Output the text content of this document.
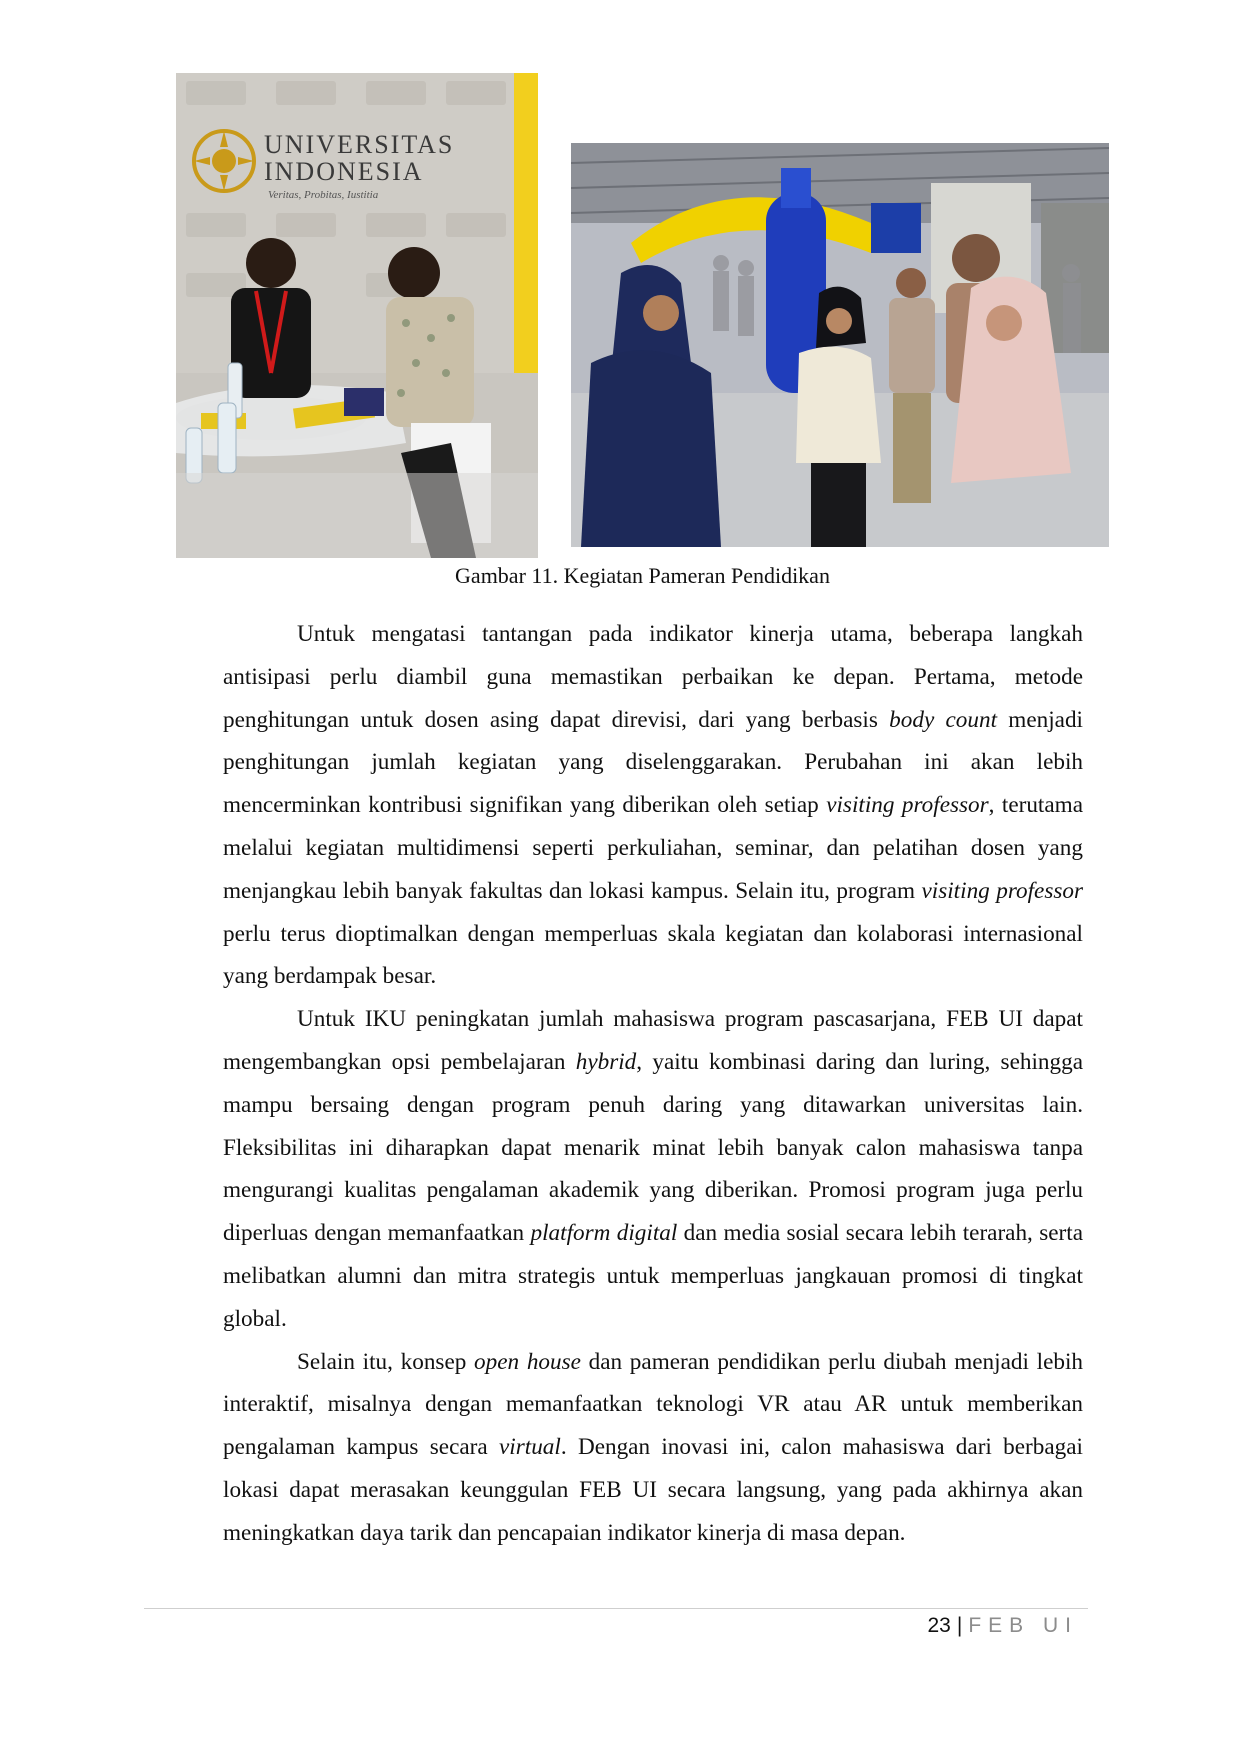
UNIVERSITAS
INDONESIA
Veritas, Probitas, Iustitia
Gambar 11. Kegiatan Pameran Pendidikan

Untuk mengatasi tantangan pada indikator kinerja utama, beberapa langkah antisipasi perlu diambil guna memastikan perbaikan ke depan. Pertama, metode penghitungan untuk dosen asing dapat direvisi, dari yang berbasis body count menjadi penghitungan jumlah kegiatan yang diselenggarakan. Perubahan ini akan lebih mencerminkan kontribusi signifikan yang diberikan oleh setiap visiting professor, terutama melalui kegiatan multidimensi seperti perkuliahan, seminar, dan pelatihan dosen yang menjangkau lebih banyak fakultas dan lokasi kampus. Selain itu, program visiting professor perlu terus dioptimalkan dengan memperluas skala kegiatan dan kolaborasi internasional yang berdampak besar.

Untuk IKU peningkatan jumlah mahasiswa program pascasarjana, FEB UI dapat mengembangkan opsi pembelajaran hybrid, yaitu kombinasi daring dan luring, sehingga mampu bersaing dengan program penuh daring yang ditawarkan universitas lain. Fleksibilitas ini diharapkan dapat menarik minat lebih banyak calon mahasiswa tanpa mengurangi kualitas pengalaman akademik yang diberikan. Promosi program juga perlu diperluas dengan memanfaatkan platform digital dan media sosial secara lebih terarah, serta melibatkan alumni dan mitra strategis untuk memperluas jangkauan promosi di tingkat global.

Selain itu, konsep open house dan pameran pendidikan perlu diubah menjadi lebih interaktif, misalnya dengan memanfaatkan teknologi VR atau AR untuk memberikan pengalaman kampus secara virtual. Dengan inovasi ini, calon mahasiswa dari berbagai lokasi dapat merasakan keunggulan FEB UI secara langsung, yang pada akhirnya akan meningkatkan daya tarik dan pencapaian indikator kinerja di masa depan.

23 | FEB UI
